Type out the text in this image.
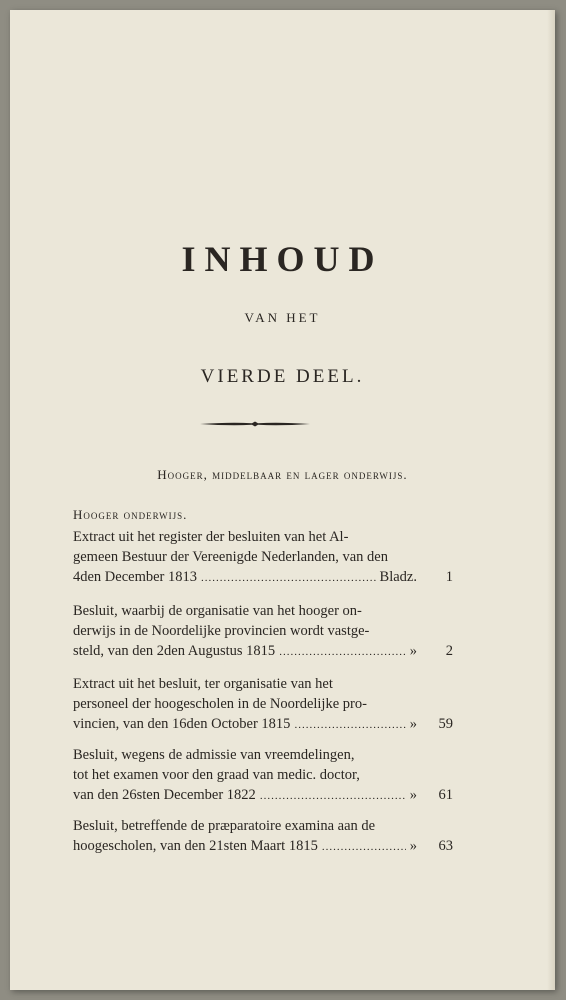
INHOUD
VAN HET
VIERDE DEEL.
Hooger, middelbaar en lager onderwijs.
Hooger onderwijs.
Extract uit het register der besluiten van het Al-
gemeen Bestuur der Vereenigde Nederlanden, van den
4den December 1813 .....	Bladz.	1
Besluit, waarbij de organisatie van het hooger on-
derwijs in de Noordelijke provincien wordt vastge-
steld, van den 2den Augustus 1815 .....	»	2
Extract uit het besluit, ter organisatie van het
personeel der hoogescholen in de Noordelijke pro-
vincien, van den 16den October 1815 .....	»	59
Besluit, wegens de admissie van vreemdelingen,
tot het examen voor den graad van medic. doctor,
van den 26sten December 1822 .....	»	61
Besluit, betreffende de præparatoire examina aan de
hoogescholen, van den 21sten Maart 1815 .....	»	63
